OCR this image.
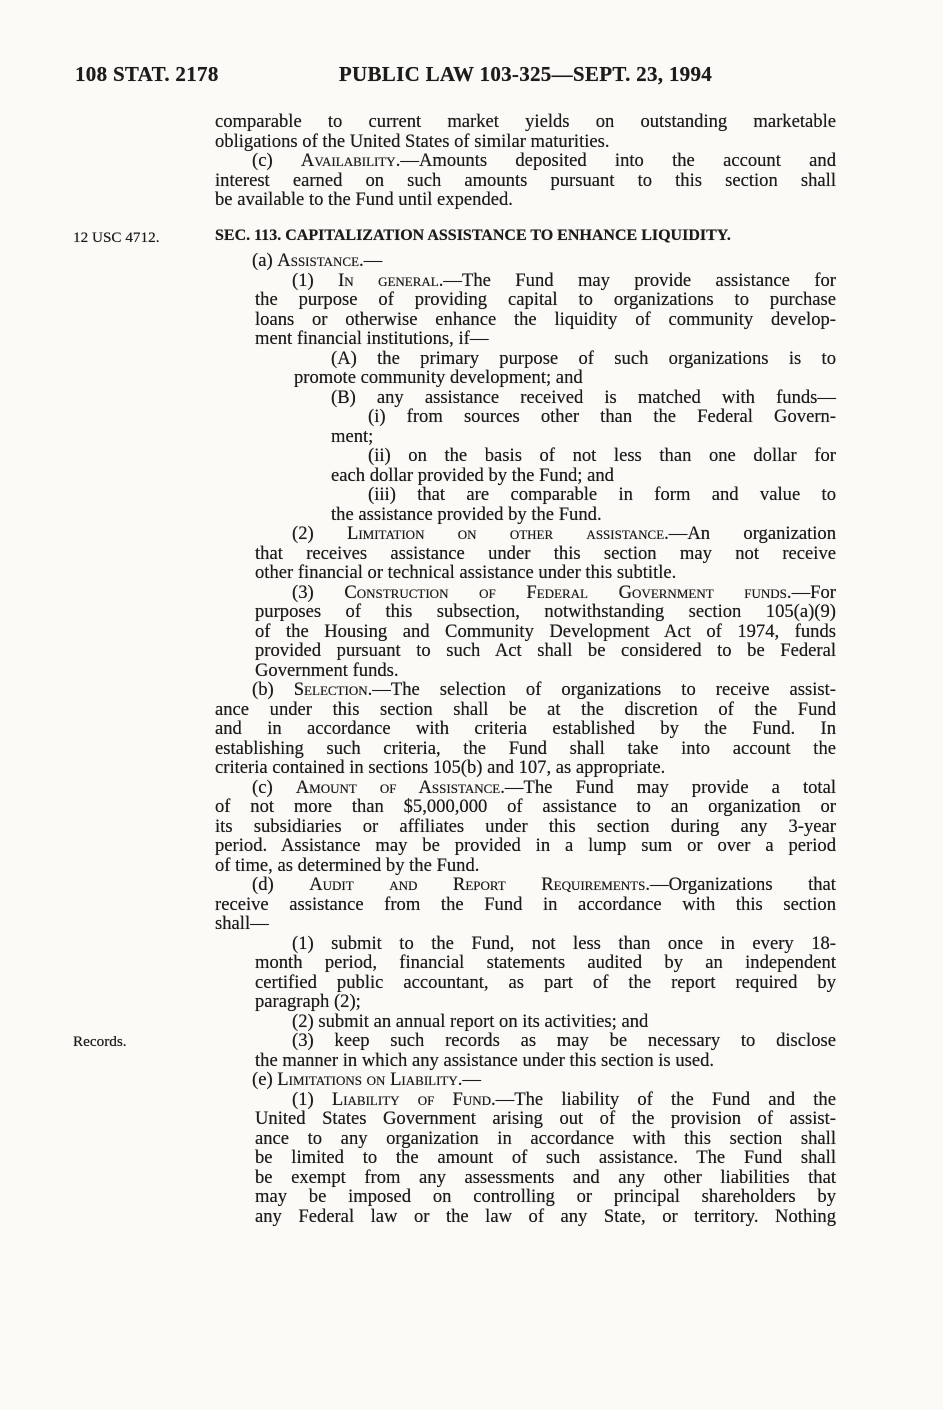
108 STAT. 2178	PUBLIC LAW 103-325—SEPT. 23, 1994
12 USC 4712.
Records.
comparable to current market yields on outstanding marketable
obligations of the United States of similar maturities.
(c) Availability.—Amounts deposited into the account and
interest earned on such amounts pursuant to this section shall
be available to the Fund until expended.
SEC. 113. CAPITALIZATION ASSISTANCE TO ENHANCE LIQUIDITY.
(a) Assistance.—
(1) In general.—The Fund may provide assistance for
the purpose of providing capital to organizations to purchase
loans or otherwise enhance the liquidity of community develop-
ment financial institutions, if—
(A) the primary purpose of such organizations is to
promote community development; and
(B) any assistance received is matched with funds—
(i) from sources other than the Federal Govern-
ment;
(ii) on the basis of not less than one dollar for
each dollar provided by the Fund; and
(iii) that are comparable in form and value to
the assistance provided by the Fund.
(2) Limitation on other assistance.—An organization
that receives assistance under this section may not receive
other financial or technical assistance under this subtitle.
(3) Construction of Federal Government funds.—For
purposes of this subsection, notwithstanding section 105(a)(9)
of the Housing and Community Development Act of 1974, funds
provided pursuant to such Act shall be considered to be Federal
Government funds.
(b) Selection.—The selection of organizations to receive assist-
ance under this section shall be at the discretion of the Fund
and in accordance with criteria established by the Fund. In
establishing such criteria, the Fund shall take into account the
criteria contained in sections 105(b) and 107, as appropriate.
(c) Amount of Assistance.—The Fund may provide a total
of not more than $5,000,000 of assistance to an organization or
its subsidiaries or affiliates under this section during any 3-year
period. Assistance may be provided in a lump sum or over a period
of time, as determined by the Fund.
(d) Audit and Report Requirements.—Organizations that
receive assistance from the Fund in accordance with this section
shall—
(1) submit to the Fund, not less than once in every 18-
month period, financial statements audited by an independent
certified public accountant, as part of the report required by
paragraph (2);
(2) submit an annual report on its activities; and
(3) keep such records as may be necessary to disclose
the manner in which any assistance under this section is used.
(e) Limitations on Liability.—
(1) Liability of Fund.—The liability of the Fund and the
United States Government arising out of the provision of assist-
ance to any organization in accordance with this section shall
be limited to the amount of such assistance. The Fund shall
be exempt from any assessments and any other liabilities that
may be imposed on controlling or principal shareholders by
any Federal law or the law of any State, or territory. Nothing
